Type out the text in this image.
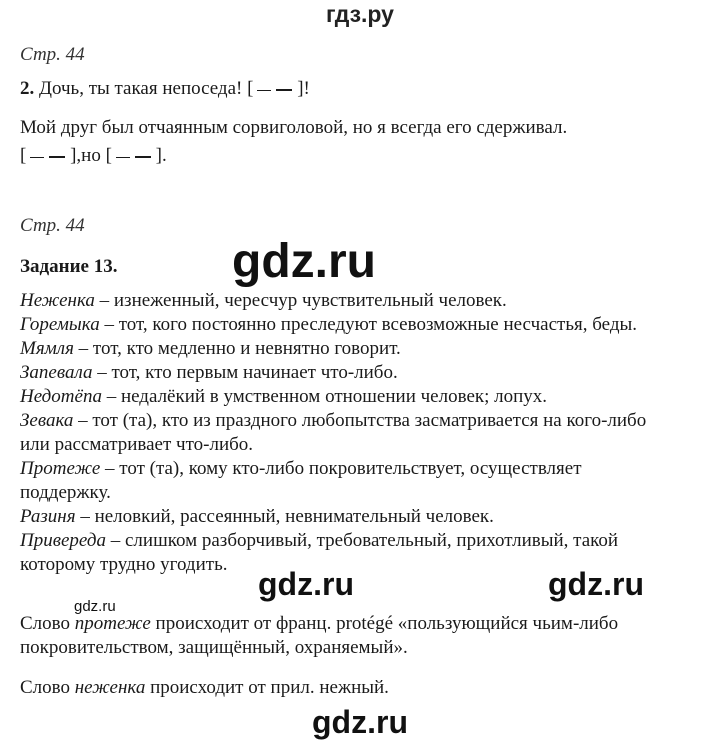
гдз.ру
Стр. 44
2. Дочь, ты такая непоседа! [ ]!
Мой друг был отчаянным сорвиголовой, но я всегда его сдерживал.
[ ],но [ ].
Стр. 44
Задание 13. gdz.ru
Неженка – изнеженный, чересчур чувствительный человек.
Горемыка – тот, кого постоянно преследуют всевозможные несчастья, беды.
Мямля – тот, кто медленно и невнятно говорит.
Запевала – тот, кто первым начинает что-либо.
Недотёпа – недалёкий в умственном отношении человек; лопух.
Зевака – тот (та), кто из праздного любопытства засматривается на кого-либо
или рассматривает что-либо.
Протеже – тот (та), кому кто-либо покровительствует, осуществляет
поддержку.
Разиня – неловкий, рассеянный, невнимательный человек.
Привереда – слишком разборчивый, требовательный, прихотливый, такой
которому трудно угодить.
gdz.ru	gdz.ru
gdz.ru
Слово протеже происходит от франц. protégé «пользующийся чьим-либо
покровительством, защищённый, охраняемый».
Слово неженка происходит от прил. нежный.
gdz.ru
